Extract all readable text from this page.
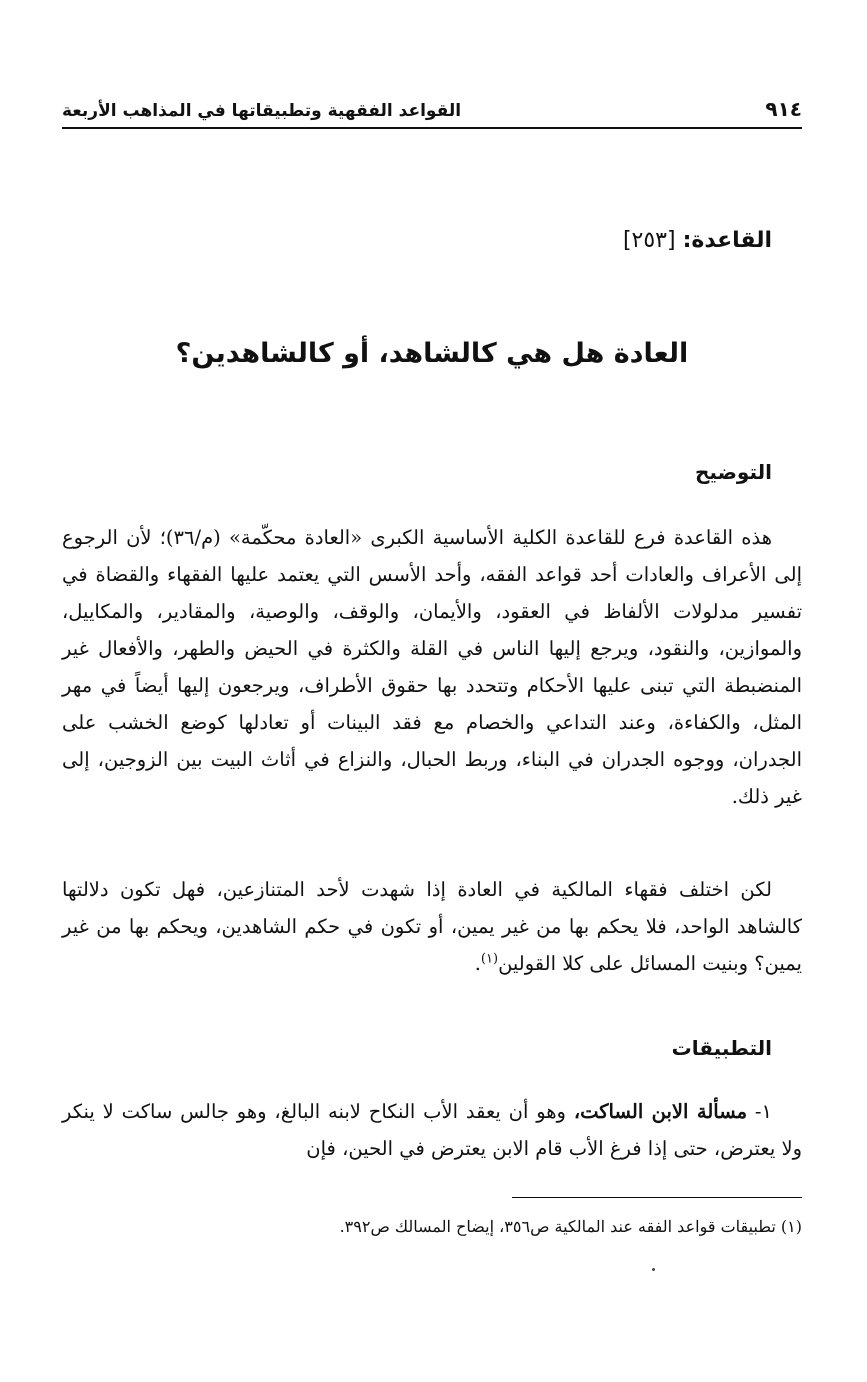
٩١٤
القواعد الفقهية وتطبيقاتها في المذاهب الأربعة
القاعدة: [٢٥٣]
العادة هل هي كالشاهد، أو كالشاهدين؟
التوضيح

هذه القاعدة فرع للقاعدة الكلية الأساسية الكبرى «العادة محكّمة» (م/٣٦)؛ لأن الرجوع إلى الأعراف والعادات أحد قواعد الفقه، وأحد الأسس التي يعتمد عليها الفقهاء والقضاة في تفسير مدلولات الألفاظ في العقود، والأيمان، والوقف، والوصية، والمقادير، والمكاييل، والموازين، والنقود، ويرجع إليها الناس في القلة والكثرة في الحيض والطهر، والأفعال غير المنضبطة التي تبنى عليها الأحكام وتتحدد بها حقوق الأطراف، ويرجعون إليها أيضاً في مهر المثل، والكفاءة، وعند التداعي والخصام مع فقد البينات أو تعادلها كوضع الخشب على الجدران، ووجوه الجدران في البناء، وربط الحبال، والنزاع في أثاث البيت بين الزوجين، إلى غير ذلك.

لكن اختلف فقهاء المالكية في العادة إذا شهدت لأحد المتنازعين، فهل تكون دلالتها كالشاهد الواحد، فلا يحكم بها من غير يمين، أو تكون في حكم الشاهدين، ويحكم بها من غير يمين؟ وبنيت المسائل على كلا القولين$^{(١)}$.

التطبيقات

١- مسألة الابن الساكت، وهو أن يعقد الأب النكاح لابنه البالغ، وهو جالس ساكت لا ينكر ولا يعترض، حتى إذا فرغ الأب قام الابن يعترض في الحين، فإن

(١) تطبيقات قواعد الفقه عند المالكية ص٣٥٦، إيضاح المسالك ص٣٩٢.
